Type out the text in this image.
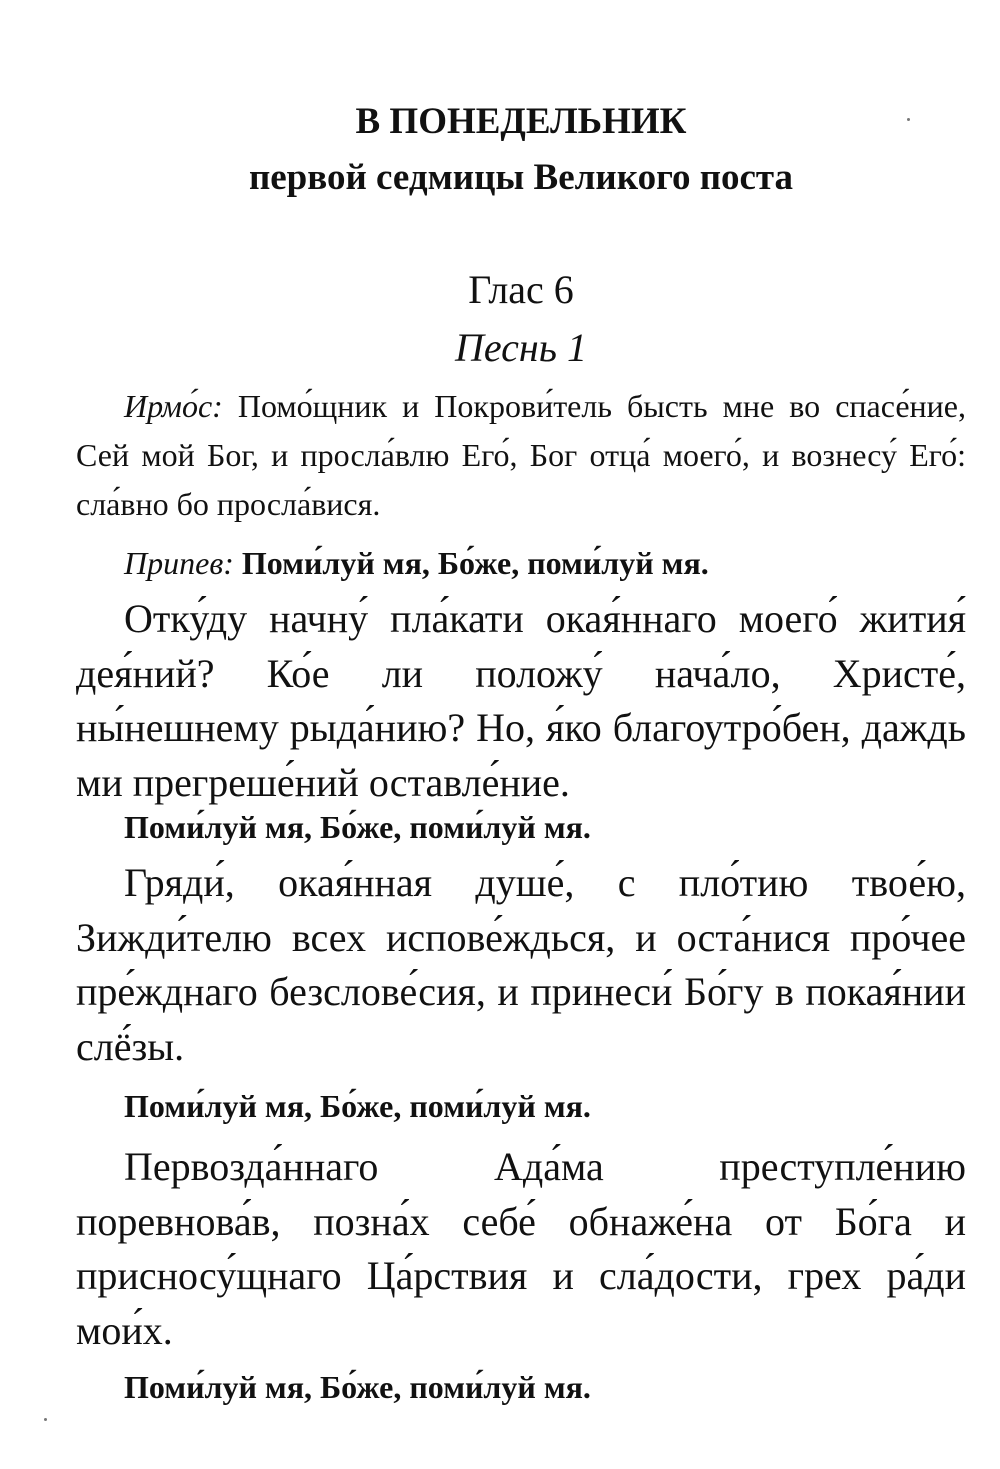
В ПОНЕДЕЛЬНИК
первой седмицы Великого поста
Глас 6
Песнь 1

Ирмо́с: Помо́щник и Покрови́тель бысть мне во спасе́ние, Сей мой Бог, и просла́влю Его́, Бог отца́ моего́, и вознесу́ Его́: сла́вно бо просла́вися.

Припев: Поми́луй мя, Бо́же, поми́луй мя.

Отку́ду начну́ пла́кати окая́ннаго моего́ жития́ дея́ний? Ко́е ли положу́ нача́ло, Христе́, ны́нешнему рыда́нию? Но, я́ко благоутро́бен, даждь ми прегреше́ний оставле́ние.

Поми́луй мя, Бо́же, поми́луй мя.

Гряди́, окая́нная душе́, с пло́тию твое́ю, Зижди́телю всех испове́ждься, и оста́нися про́чее пре́жднаго безслове́сия, и принеси́ Бо́гу в покая́нии слё́зы.

Поми́луй мя, Бо́же, поми́луй мя.

Первозда́ннаго Ада́ма преступле́нию поревнова́в, позна́х себе́ обнаже́на от Бо́га и присносу́щнаго Ца́рствия и сла́дости, грех ра́ди мои́х.

Поми́луй мя, Бо́же, поми́луй мя.
